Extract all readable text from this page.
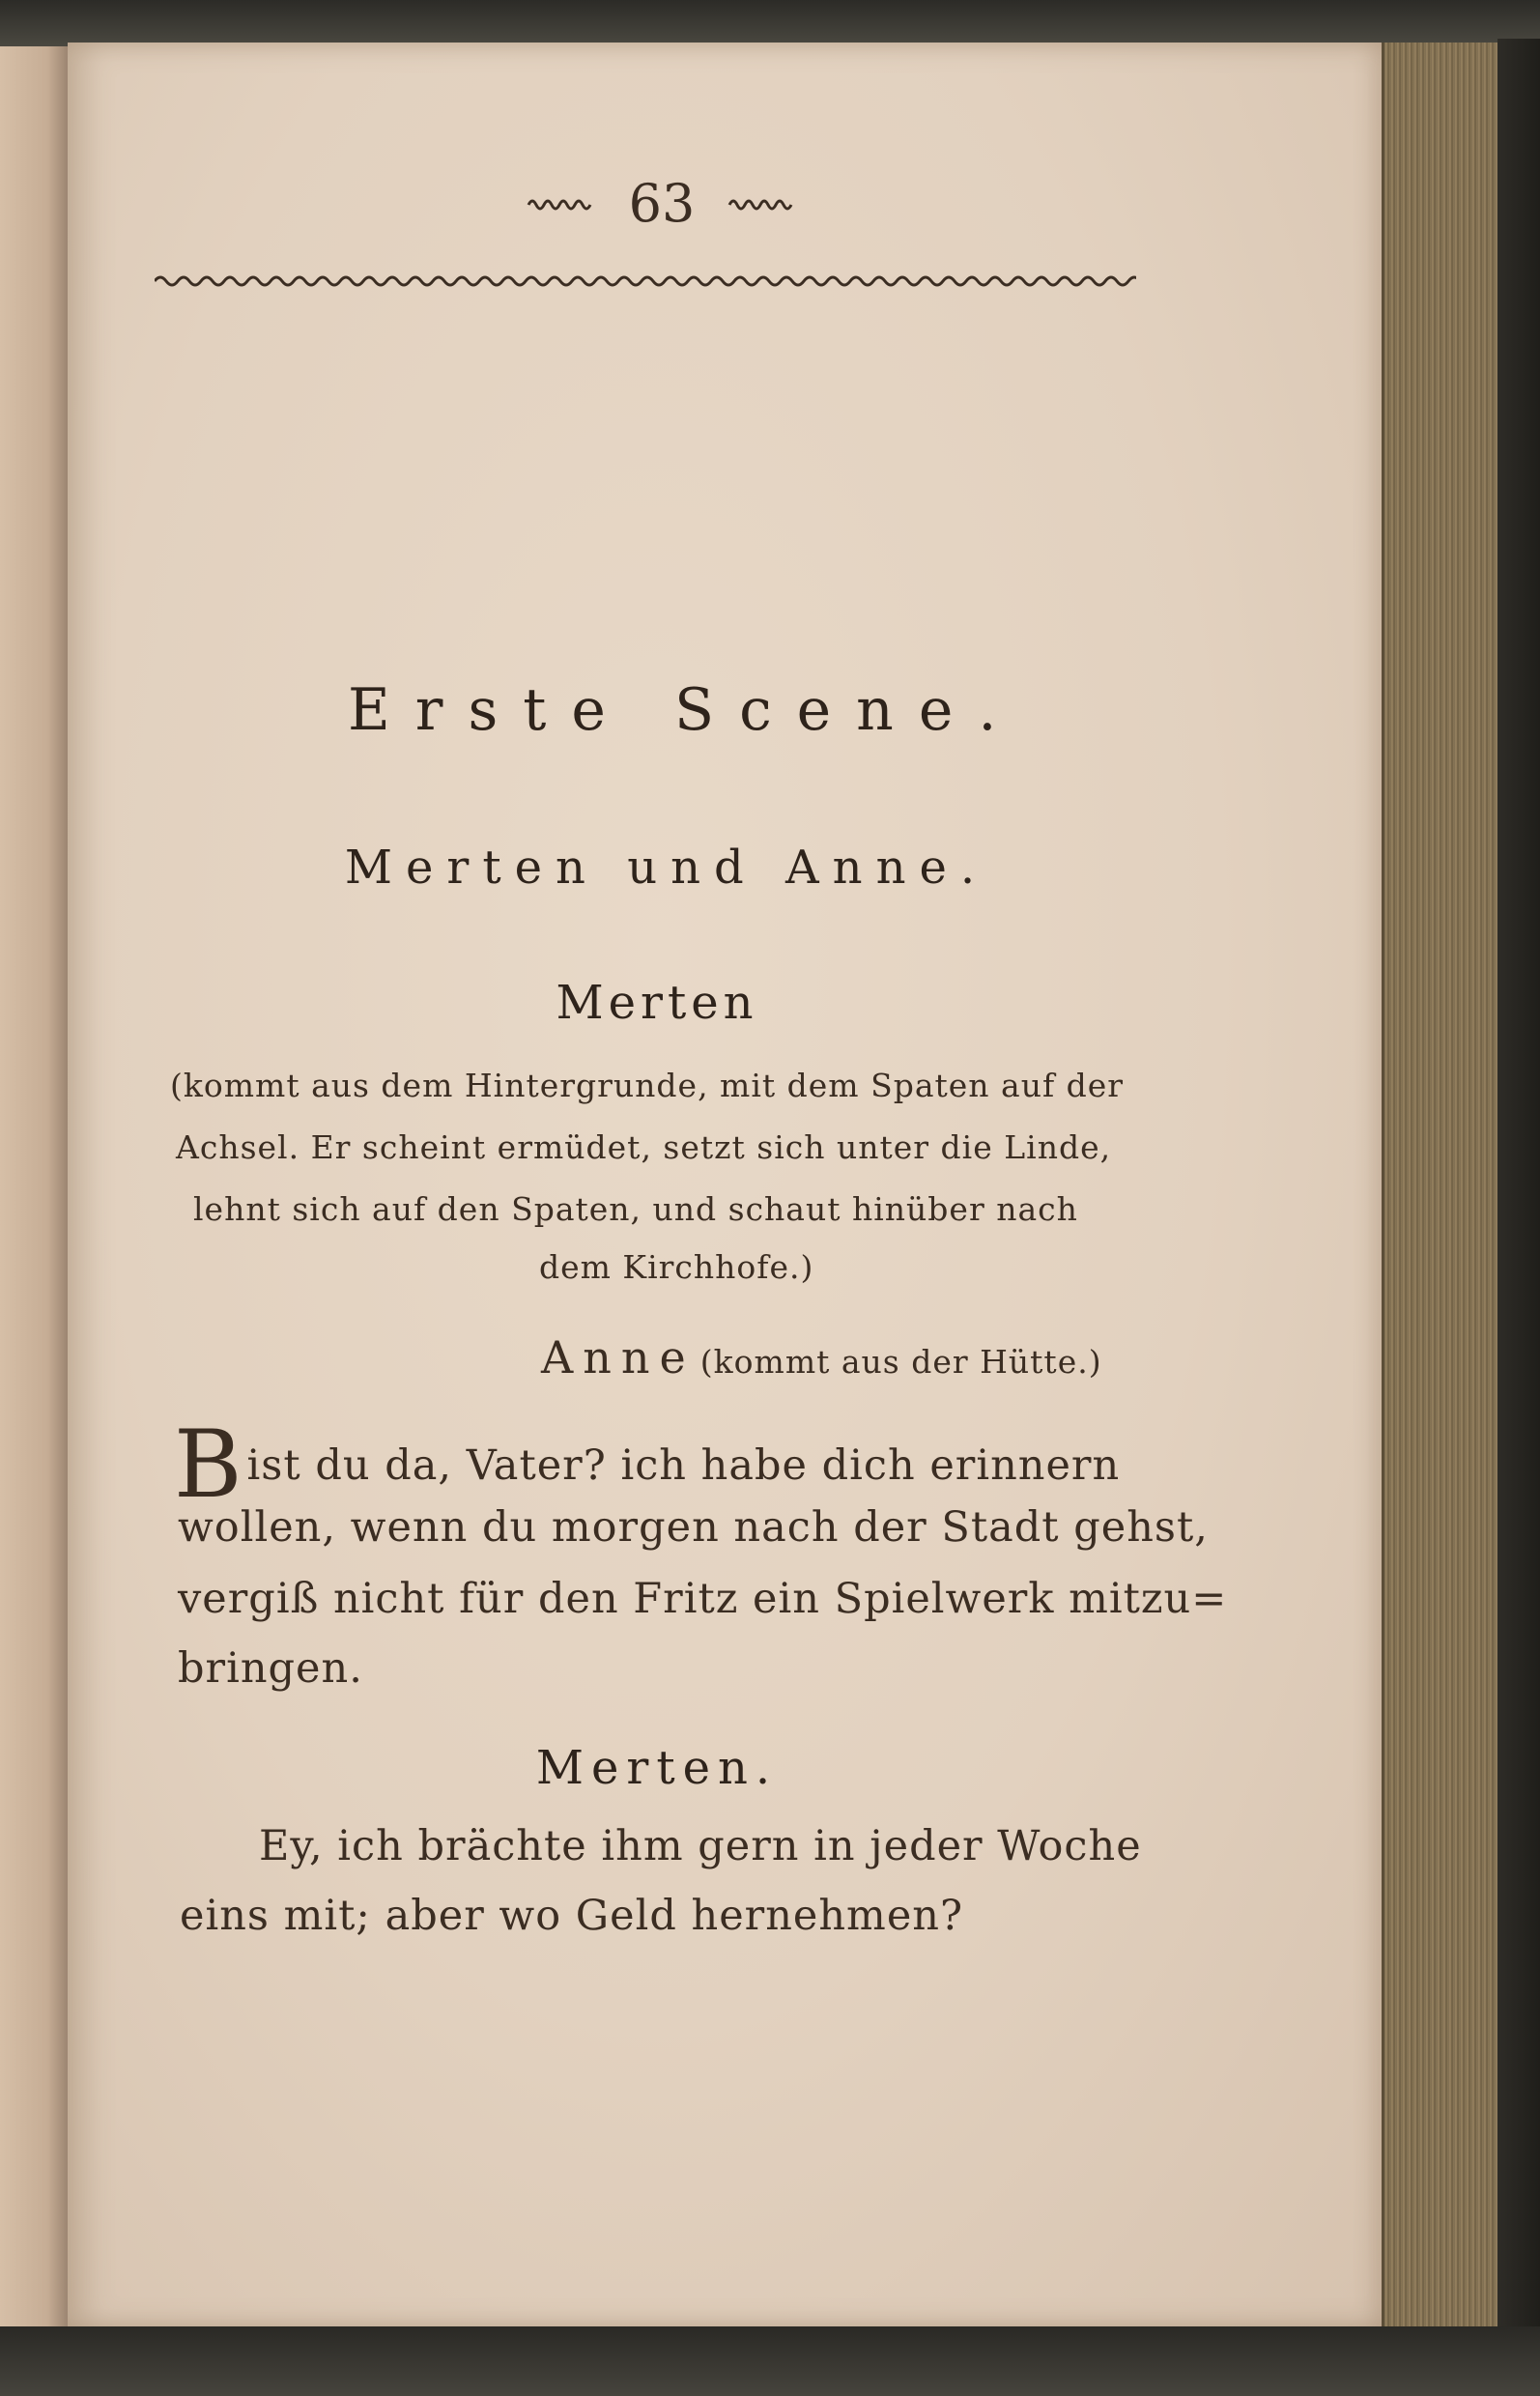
63
Erste Scene.
Merten und Anne.
Merten
(kommt aus dem Hintergrunde, mit dem Spaten auf der
Achsel. Er scheint ermüdet, setzt sich unter die Linde,
lehnt sich auf den Spaten, und schaut hinüber nach
dem Kirchhofe.)
Anne (kommt aus der Hütte.)
Bist du da, Vater? ich habe dich erinnern
wollen, wenn du morgen nach der Stadt gehst,
vergiß nicht für den Fritz ein Spielwerk mitzu=
bringen.
Merten.
Ey, ich brächte ihm gern in jeder Woche
eins mit; aber wo Geld hernehmen?
